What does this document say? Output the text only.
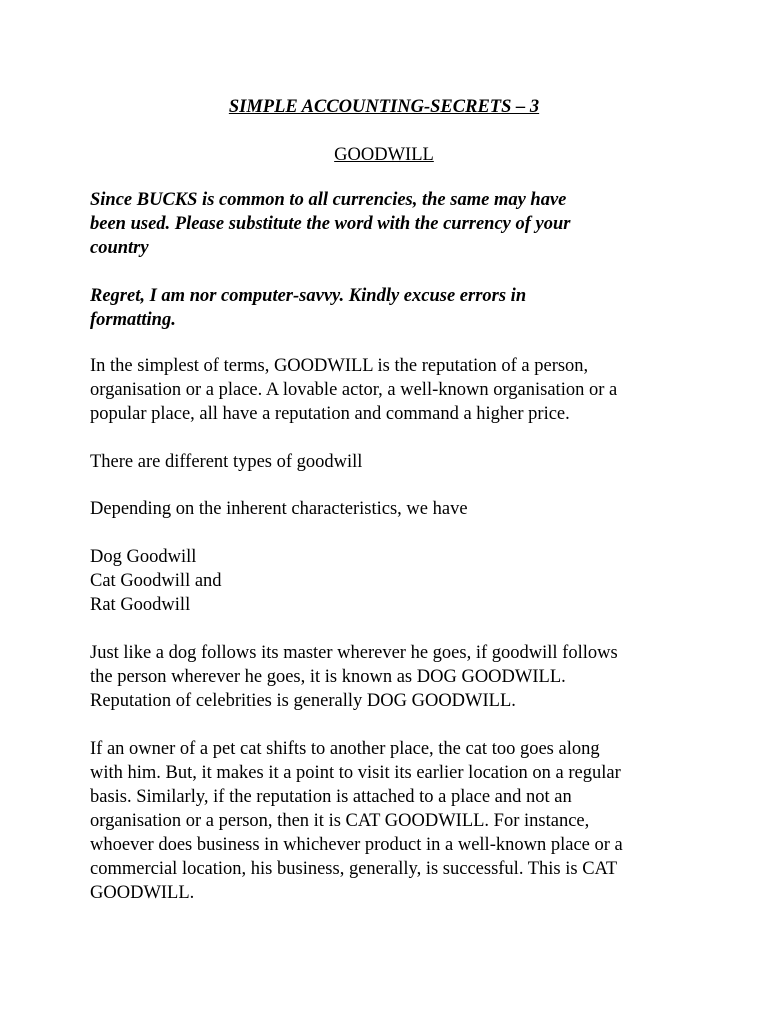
SIMPLE ACCOUNTING-SECRETS – 3

GOODWILL

Since BUCKS is common to all currencies, the same may have

been used. Please substitute the word with the currency of your

country

Regret, I am nor computer-savvy. Kindly excuse errors in

formatting.

In the simplest of terms, GOODWILL is the reputation of a person,

organisation or a place. A lovable actor, a well-known organisation or a

popular place, all have a reputation and command a higher price.

There are different types of goodwill

Depending on the inherent characteristics, we have

Dog Goodwill

Cat Goodwill and

Rat Goodwill

Just like a dog follows its master wherever he goes, if goodwill follows

the person wherever he goes, it is known as DOG GOODWILL.

Reputation of celebrities is generally DOG GOODWILL.

If an owner of a pet cat shifts to another place, the cat too goes along

with him. But, it makes it a point to visit its earlier location on a regular

basis. Similarly, if the reputation is attached to a place and not an

organisation or a person, then it is CAT GOODWILL. For instance,

whoever does business in whichever product in a well-known place or a

commercial location, his business, generally, is successful. This is CAT

GOODWILL.
